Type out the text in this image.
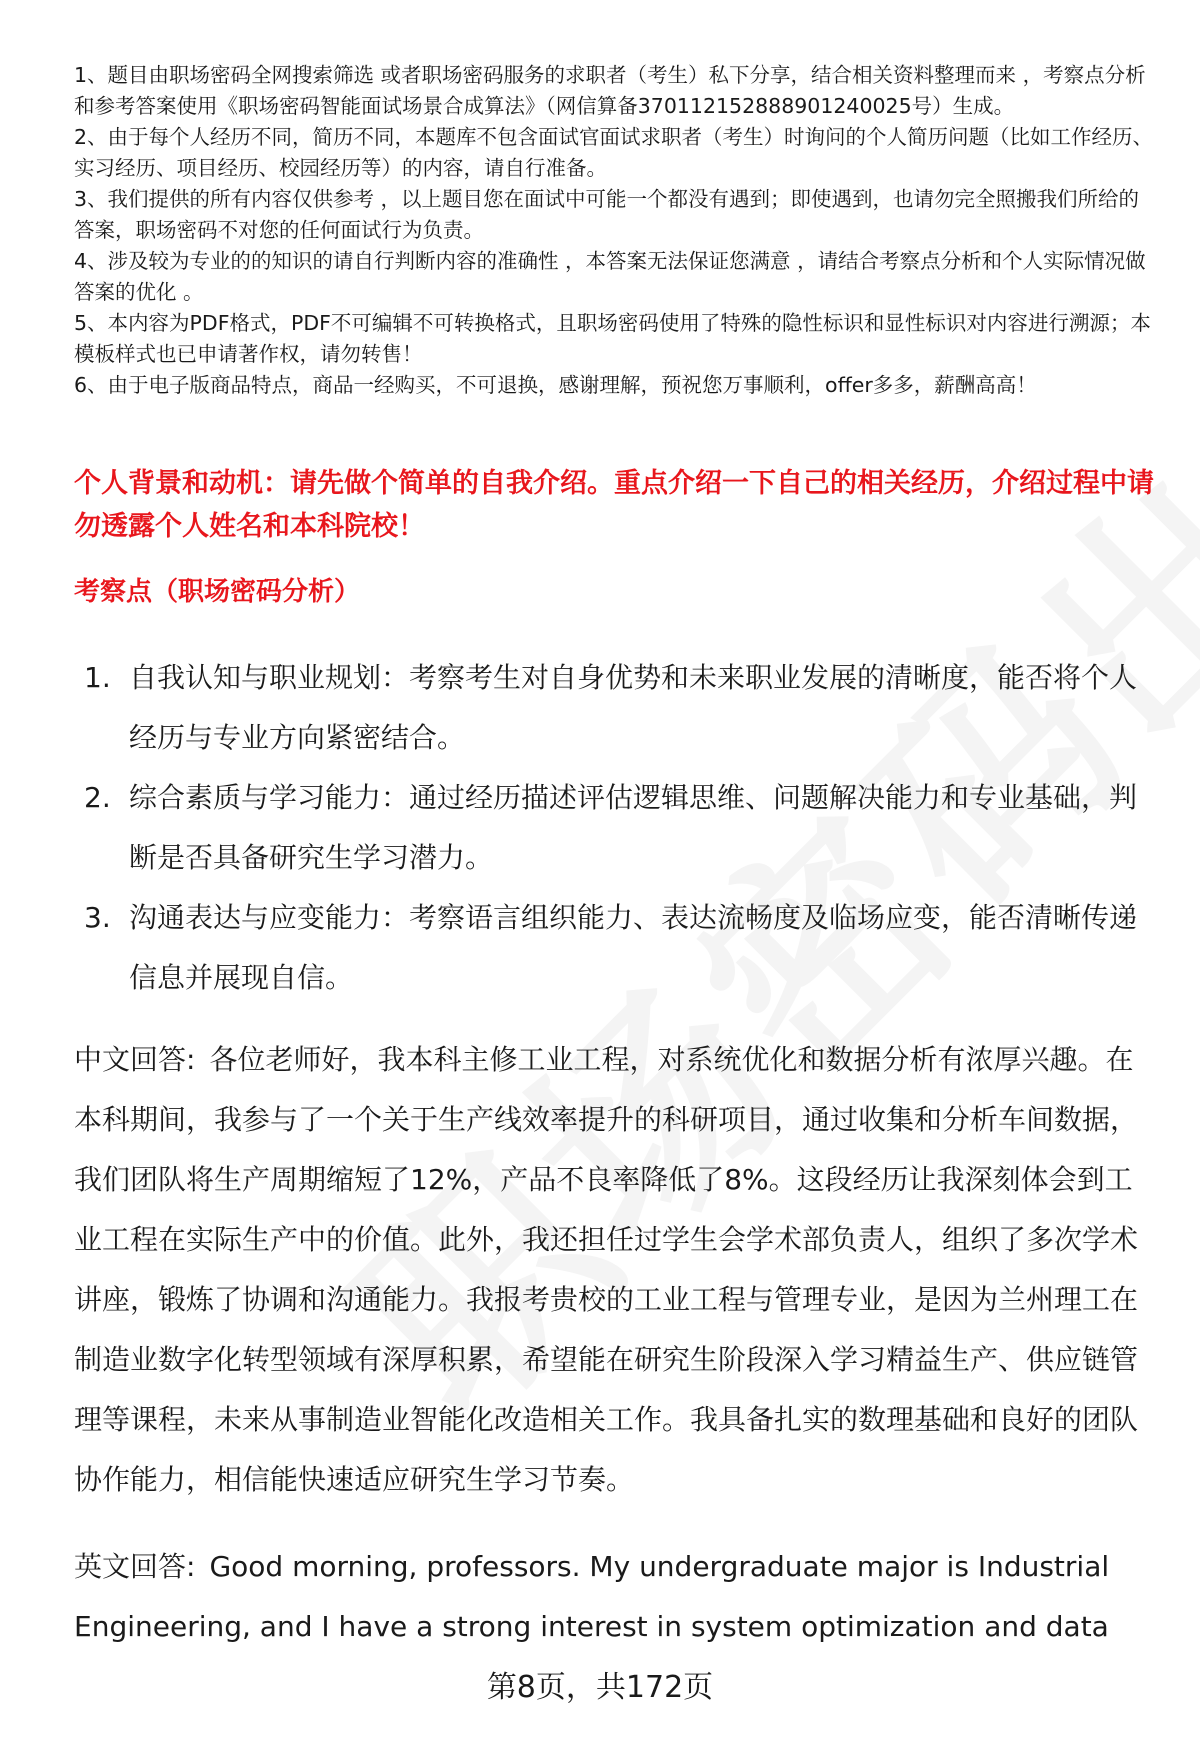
1、题目由职场密码全网搜索筛选 或者职场密码服务的求职者（考生）私下分享，结合相关资料整理而来 ，考察点分析和参考答案使用《职场密码智能面试场景合成算法》（网信算备370112152888901240025号）生成。

2、由于每个人经历不同，简历不同，本题库不包含面试官面试求职者（考生）时询问的个人简历问题（比如工作经历、实习经历、项目经历、校园经历等）的内容，请自行准备。

3、我们提供的所有内容仅供参考 ，以上题目您在面试中可能一个都没有遇到；即使遇到，也请勿完全照搬我们所给的答案，职场密码不对您的任何面试行为负责。

4、涉及较为专业的的知识的请自行判断内容的准确性 ，本答案无法保证您满意 ，请结合考察点分析和个人实际情况做答案的优化 。

5、本内容为PDF格式，PDF不可编辑不可转换格式，且职场密码使用了特殊的隐性标识和显性标识对内容进行溯源；本模板样式也已申请著作权，请勿转售！

6、由于电子版商品特点，商品一经购买，不可退换，感谢理解，预祝您万事顺利，offer多多，薪酬高高！

个人背景和动机：请先做个简单的自我介绍。重点介绍一下自己的相关经历，介绍过程中请勿透露个人姓名和本科院校！
考察点（职场密码分析）
1. 自我认知与职业规划：考察考生对自身优势和未来职业发展的清晰度，能否将个人经历与专业方向紧密结合。
2. 综合素质与学习能力：通过经历描述评估逻辑思维、问题解决能力和专业基础，判断是否具备研究生学习潜力。
3. 沟通表达与应变能力：考察语言组织能力、表达流畅度及临场应变，能否清晰传递信息并展现自信。

中文回答: 各位老师好，我本科主修工业工程，对系统优化和数据分析有浓厚兴趣。在本科期间，我参与了一个关于生产线效率提升的科研项目，通过收集和分析车间数据，我们团队将生产周期缩短了12%，产品不良率降低了8%。这段经历让我深刻体会到工业工程在实际生产中的价值。此外，我还担任过学生会学术部负责人，组织了多次学术讲座，锻炼了协调和沟通能力。我报考贵校的工业工程与管理专业，是因为兰州理工在制造业数字化转型领域有深厚积累，希望能在研究生阶段深入学习精益生产、供应链管理等课程，未来从事制造业智能化改造相关工作。我具备扎实的数理基础和良好的团队协作能力，相信能快速适应研究生学习节奏。

英文回答: Good morning, professors. My undergraduate major is Industrial Engineering, and I have a strong interest in system optimization and data

第8页，共172页
